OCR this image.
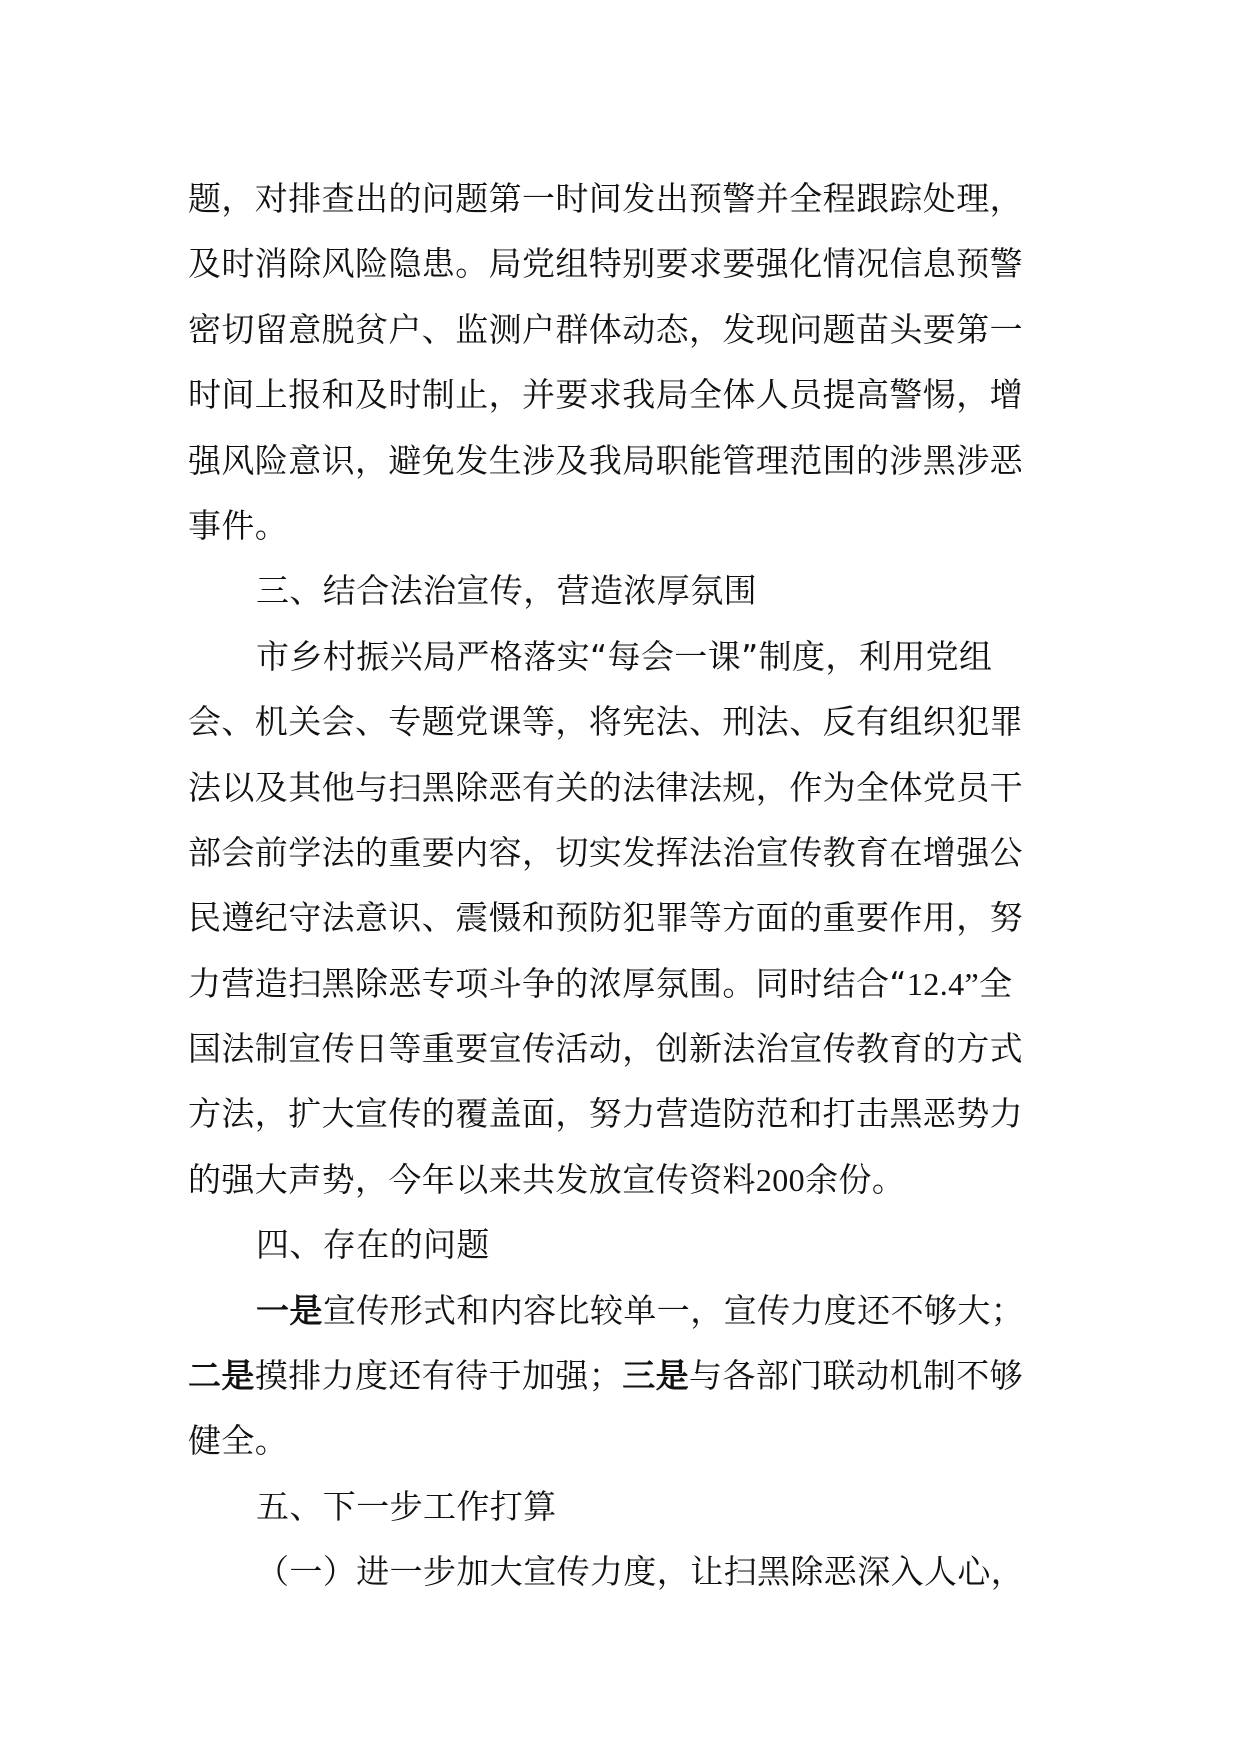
题，对排查出的问题第一时间发出预警并全程跟踪处理，
及时消除风险隐患。局党组特别要求要强化情况信息预警
密切留意脱贫户、监测户群体动态，发现问题苗头要第一
时间上报和及时制止，并要求我局全体人员提高警惕，增
强风险意识，避免发生涉及我局职能管理范围的涉黑涉恶
事件。
三、结合法治宣传，营造浓厚氛围
市乡村振兴局严格落实“每会一课”制度，利用党组
会、机关会、专题党课等，将宪法、刑法、反有组织犯罪
法以及其他与扫黑除恶有关的法律法规，作为全体党员干
部会前学法的重要内容，切实发挥法治宣传教育在增强公
民遵纪守法意识、震慑和预防犯罪等方面的重要作用，努
力营造扫黑除恶专项斗争的浓厚氛围。同时结合“12.4”全
国法制宣传日等重要宣传活动，创新法治宣传教育的方式
方法，扩大宣传的覆盖面，努力营造防范和打击黑恶势力
的强大声势，今年以来共发放宣传资料200余份。
四、存在的问题
一是宣传形式和内容比较单一，宣传力度还不够大；
二是摸排力度还有待于加强；三是与各部门联动机制不够
健全。
五、下一步工作打算
（一）进一步加大宣传力度，让扫黑除恶深入人心，
